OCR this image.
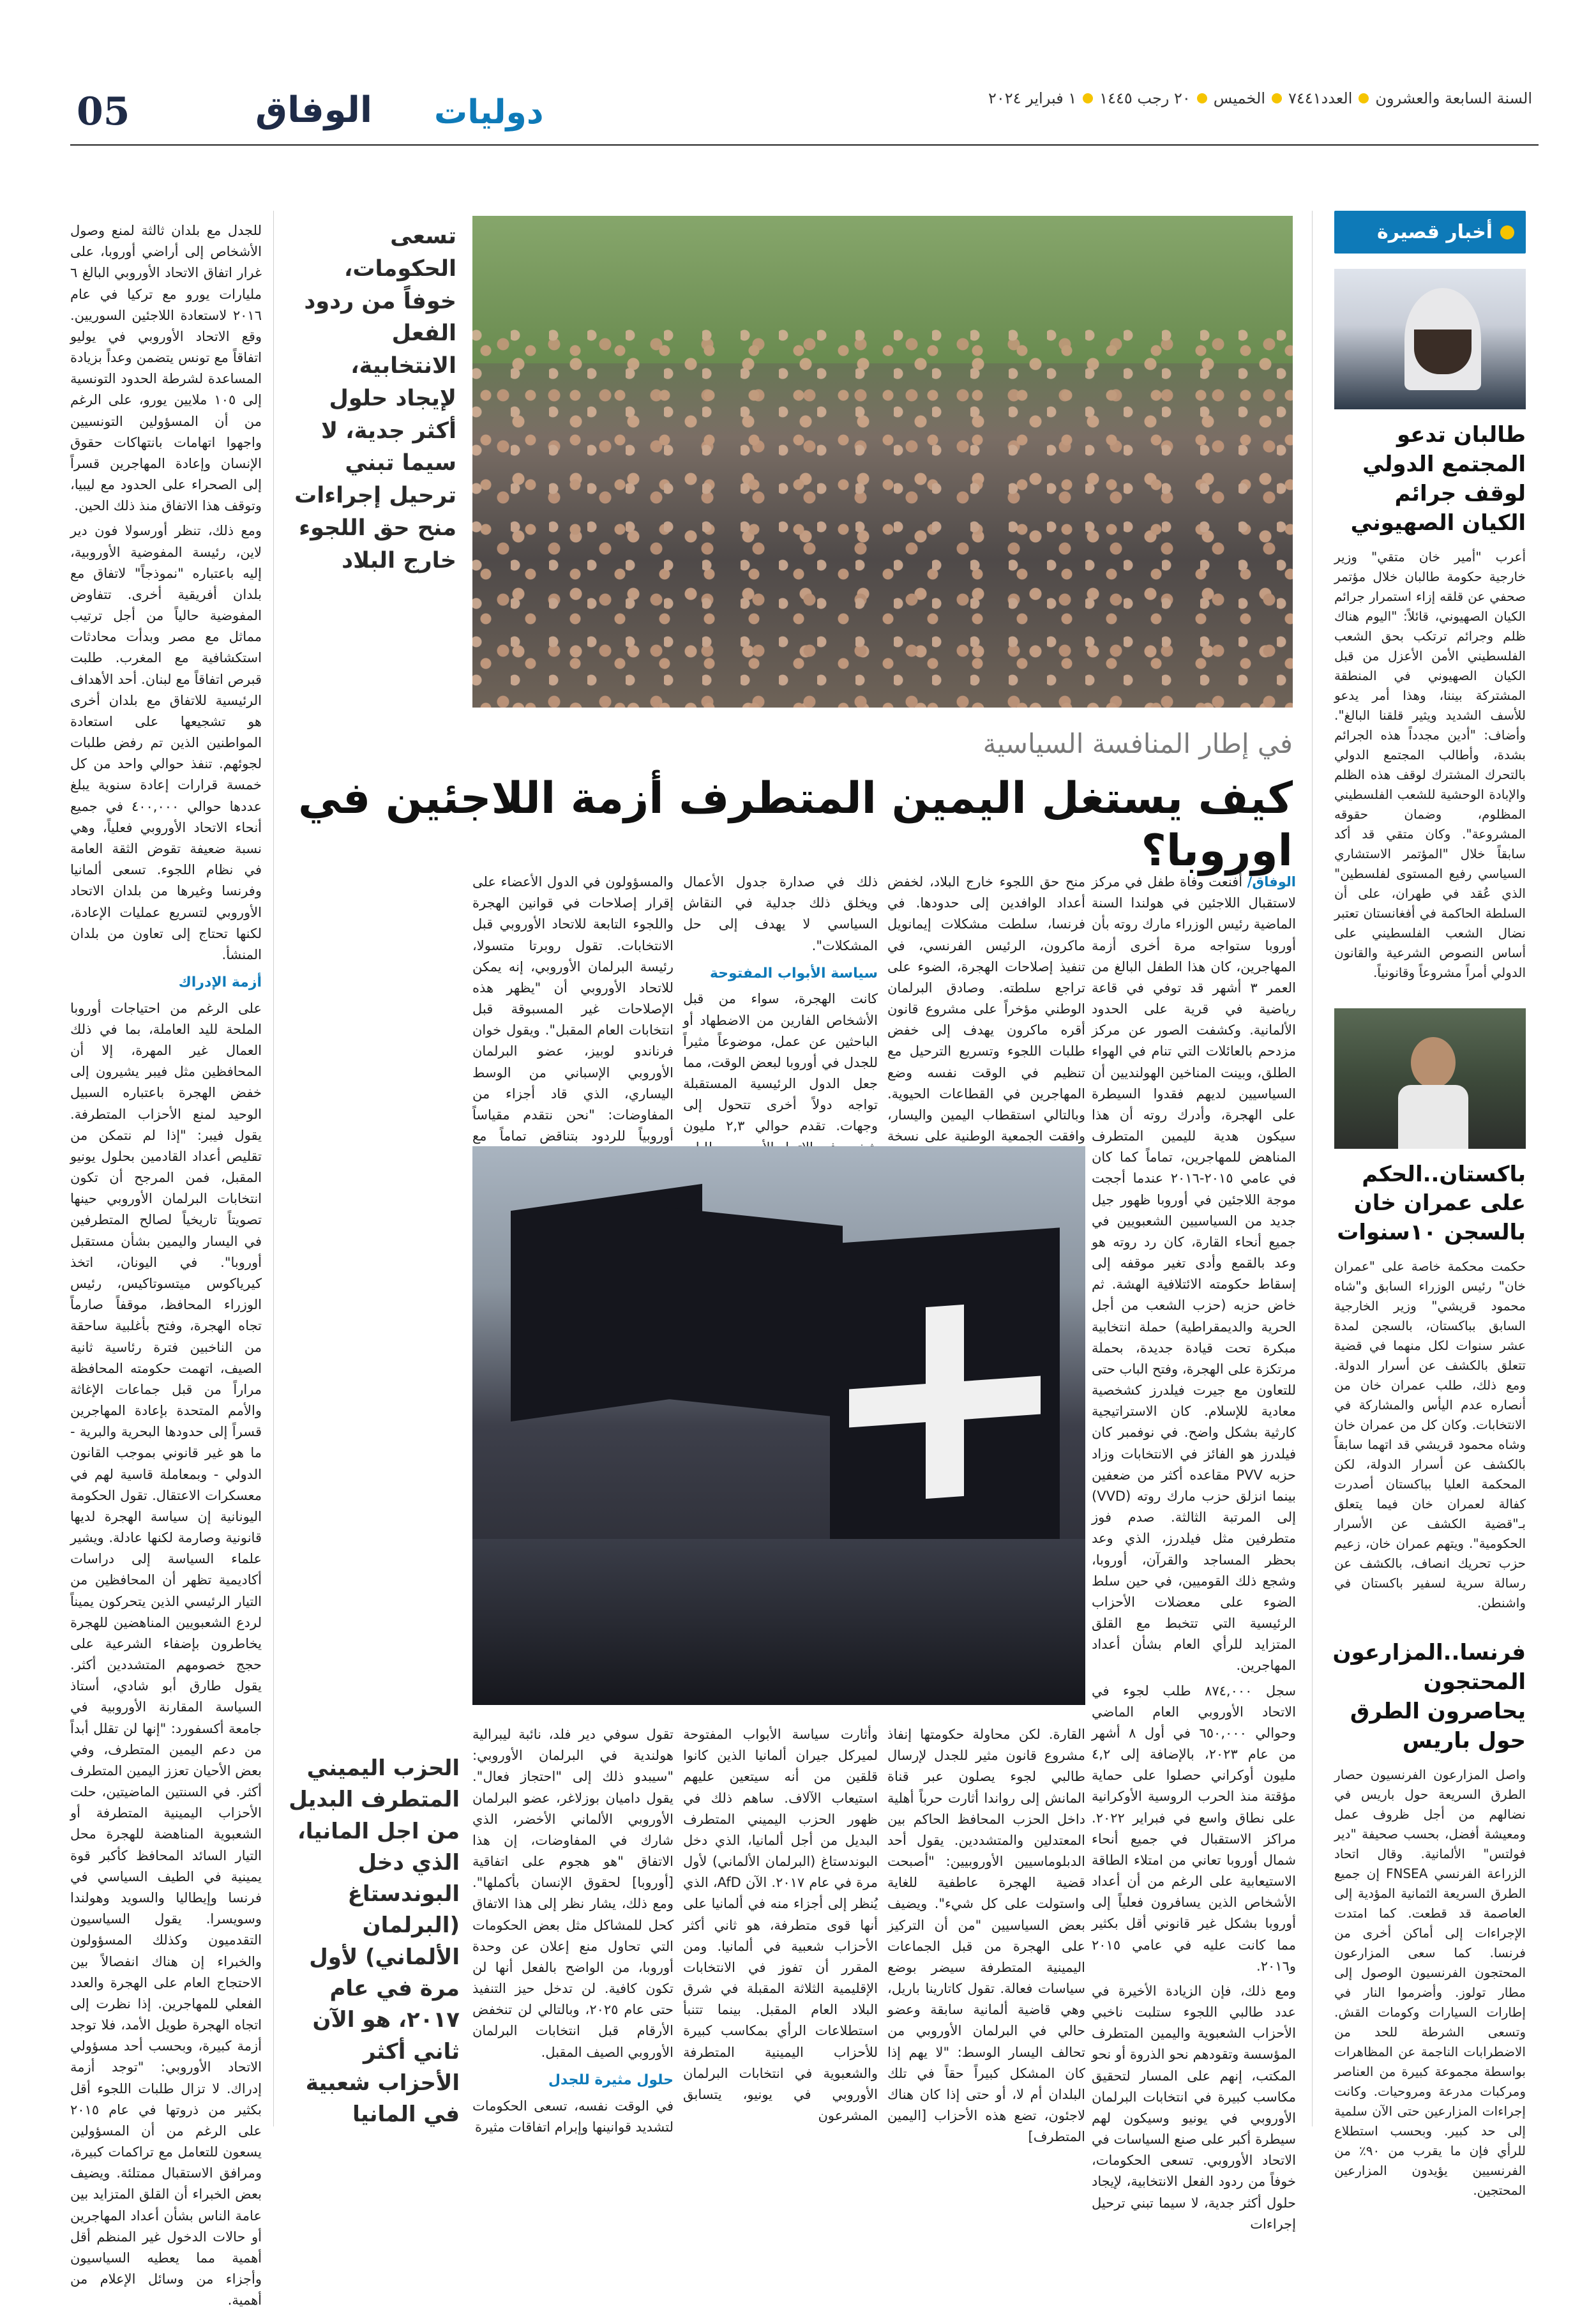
05	الوفاق دوليات	السنة السابعة والعشرون
العدد٧٤٤١
الخميس
٢٠ رجب ١٤٤٥
١ فبراير ٢٠٢٤
أخبار قصيرة
طالبان تدعو المجتمع الدولي لوقف جرائم الكيان الصهيوني

أعرب "أمير خان متقي" وزير خارجية حكومة طالبان خلال مؤتمر صحفي عن قلقه إزاء استمرار جرائم الكيان الصهيوني، قائلاً: "اليوم هناك ظلم وجرائم ترتكب بحق الشعب الفلسطيني الأمن الأعزل من قبل الكيان الصهيوني في المنطقة المشتركة بيننا، وهذا أمر يدعو للأسف الشديد ويثير قلقنا البالغ". وأضاف: "أدين مجدداً هذه الجرائم بشدة، وأطالب المجتمع الدولي بالتحرك المشترك لوقف هذه الظلم والإبادة الوحشية للشعب الفلسطيني المظلوم، وضمان حقوقه المشروعة". وكان متقي قد أكد سابقاً خلال "المؤتمر الاستشاري السياسي رفيع المستوى لفلسطين" الذي عُقد في طهران، على أن السلطة الحاكمة في أفغانستان تعتبر نضال الشعب الفلسطيني على أساس النصوص الشرعية والقانون الدولي أمراً مشروعاً وقانونياً.

باكستان..الحكم على عمران خان بالسجن ١٠سنوات

حكمت محكمة خاصة على "عمران خان" رئيس الوزراء السابق و"شاه محمود قريشي" وزير الخارجية السابق بباكستان، بالسجن لمدة عشر سنوات لكل منهما في قضية تتعلق بالكشف عن أسرار الدولة. ومع ذلك، طلب عمران خان من أنصاره عدم اليأس والمشاركة في الانتخابات. وكان كل من عمران خان وشاه محمود قريشي قد اتهما سابقاً بالكشف عن أسرار الدولة، لكن المحكمة العليا بباكستان أصدرت كفالة لعمران خان فيما يتعلق بـ"قضية الكشف عن الأسرار الحكومية". ويتهم عمران خان، زعيم حزب تحريك انصاف، بالكشف عن رسالة سرية لسفير باكستان في واشنطن.

فرنسا..المزارعون المحتجون يحاصرون الطرق حول باريس

واصل المزارعون الفرنسيون حصار الطرق السريعة حول باريس في نضالهم من أجل ظروف عمل ومعيشة أفضل، بحسب صحيفة "دير فولتس" الألمانية. وقال اتحاد الزراعة الفرنسي FNSEA إن جميع الطرق السريعة الثمانية المؤدية إلى العاصمة قد قطعت. كما امتدت الإجراءات إلى أماكن أخرى من فرنسا. كما سعى المزارعون المحتجون الفرنسيون الوصول إلى مطار تولوز. وأضرموا النار في إطارات السيارات وكومات القش. وتسعى الشرطة للحد من الاضطرابات الناجمة عن المظاهرات بواسطة مجموعة كبيرة من العناصر ومركبات مدرعة ومروحيات. وكانت إجراءات المزارعين حتى الآن سلمية إلى حد كبير. وبحسب استطلاع للرأي فإن ما يقرب من ٩٠٪ من الفرنسيين يؤيدون المزارعين المحتجين.

تسعى الحكومات، خوفاً من ردود الفعل الانتخابية، لإيجاد حلول أكثر جدية، لا سيما تبني ترحيل إجراءات منح حق اللجوء خارج البلاد
في إطار المنافسة السياسية
كيف يستغل اليمين المتطرف أزمة اللاجئين في اوروبا؟

الوفاق/ أفنعت وفاة طفل في مركز لاستقبال اللاجئين في هولندا السنة الماضية رئيس الوزراء مارك روته بأن أوروبا ستواجه مرة أخرى أزمة المهاجرين، كان هذا الطفل البالغ من العمر ٣ أشهر قد توفي في قاعة رياضية في قرية على الحدود الألمانية. وكشفت الصور عن مركز مزدحم بالعائلات التي تنام في الهواء الطلق، وبينت المناخين الهولنديين أن السياسيين لديهم فقدوا السيطرة على الهجرة، وأدرك روته أن هذا سيكون هدية لليمين المتطرف المناهض للمهاجرين، تماماً كما كان في عامي ٢٠١٥-٢٠١٦ عندما أججت موجة اللاجئين في أوروبا ظهور جيل جديد من السياسيين الشعبويين في جميع أنحاء القارة، كان رد روته هو وعد بالقمع وأدى تغير موقفه إلى إسقاط حكومته الائتلافية الهشة. ثم خاض حزبه (حزب الشعب من أجل الحرية والديمقراطية) حملة انتخابية مبكرة تحت قيادة جديدة، بحملة مرتكزة على الهجرة، وفتح الباب حتى للتعاون مع جيرت فيلدرز كشخصية معادية للإسلام. كان الاستراتيجية كارثية بشكل واضح. في نوفمبر كان فيلدرز هو الفائز في الانتخابات وزاد حزبه PVV مقاعده أكثر من ضعفين بينما انزلق حزب مارك روته (VVD) إلى المرتبة الثالثة. صدم فوز متطرفين مثل فيلدرز، الذي وعد بحظر المساجد والقرآن، أوروبا، وشجع ذلك القوميين، في حين سلط الضوء على معضلات الأحزاب الرئيسية التي تتخبط مع القلق المتزايد للرأي العام بشأن أعداد المهاجرين.

سجل ٨٧٤,٠٠٠ طلب لجوء في الاتحاد الأوروبي العام الماضي وحوالي ٦٥٠,٠٠٠ في أول ٨ أشهر من عام ٢٠٢٣، بالإضافة إلى ٤,٢ مليون أوكراني حصلوا على حماية مؤقتة منذ الحرب الروسية الأوكرانية على نطاق واسع في فبراير ٢٠٢٢. مراكز الاستقبال في جميع أنحاء شمال أوروبا تعاني من امتلاء الطاقة الاستيعابية على الرغم من أن أعداد الأشخاص الذين يسافرون فعلياً إلى أوروبا بشكل غير قانوني أقل بكثير مما كانت عليه في عامي ٢٠١٥ و٢٠١٦.

ومع ذلك، فإن الزيادة الأخيرة في عدد طالبي اللجوء ستلبت ناخبي الأحزاب الشعبوية واليمين المتطرف المؤسسة وتقودهم نحو الذروة أو نحو المكتب، إنهم على المسار لتحقيق مكاسب كبيرة في انتخابات البرلمان الأوروبي في يونيو وسيكون لهم سيطرة أكبر على صنع السياسات في الاتحاد الأوروبي. تسعى الحكومات، خوفاً من ردود الفعل الانتخابية، لإيجاد حلول أكثر جدية، لا سيما تبني ترحيل إجراءات

منح حق اللجوء خارج البلاد، لخفض أعداد الوافدين إلى حدودها. في فرنسا، سلطت مشكلات إيمانويل ماكرون، الرئيس الفرنسي، في تنفيذ إصلاحات الهجرة، الضوء على تراجع سلطته. وصادق البرلمان الوطني مؤخراً على مشروع قانون أقره ماكرون يهدف إلى خفض طلبات اللجوء وتسريع الترحيل مع تنظيم في الوقت نفسه وضع المهاجرين في القطاعات الحيوية. وبالتالي استقطاب اليمين واليسار، وافقت الجمعية الوطنية على نسخة

ذلك في صدارة جدول الأعمال ويخلق ذلك جدلية في النقاش السياسي لا يهدف إلى حل المشكلات".

سياسة الأبواب المفتوحة

كانت الهجرة، سواء من قبل الأشخاص الفارين من الاضطهاد أو الباحثين عن عمل، موضوعاً مثيراً للجدل في أوروبا لبعض الوقت، مما جعل الدول الرئيسية المستقبلة تواجه دولاً أخرى تتحول إلى وجهات. تقدم حوالي ٢,٣ مليون

والمسؤولون في الدول الأعضاء على إقرار إصلاحات في قوانين الهجرة واللجوء التابعة للاتحاد الأوروبي قبل الانتخابات. تقول روبرتا متسولا، رئيسة البرلمان الأوروبي، إنه يمكن للاتحاد الأوروبي أن "يظهر هذه الإصلاحات غير المسبوقة قبل انتخابات العام المقبل". ويقول خوان فرناندو لوبيز، عضو البرلمان الأوروبي الإسباني من الوسط اليساري، الذي قاد أجزاء من المفاوضات: "نحن نتقدم مقياساً أوروبياً للردود بتناقض تماماً مع

القارة. لكن محاولة حكومتها إنفاذ مشروع قانون مثير للجدل لإرسال طالبي لجوء يصلون عبر قناة المانش إلى رواندا أثارت حرباً أهلية داخل الحزب المحافظ الحاكم بين المعتدلين والمتشددين. يقول أحد الدبلوماسيين الأوروبيين: "أصبحت قضية الهجرة عاطفية للغاية واستولت على كل شيء". ويضيف بعض السياسيين "من أن التركيز على الهجرة من قبل الجماعات اليمينية المتطرفة سيضر بوضع سياسات فعالة. تقول كاتارينا باريل، وهي قاضية ألمانية سابقة وعضو حالي في البرلمان الأوروبي من تحالف اليسار الوسط: "لا يهم إذا كان المشكل كبيراً حقاً في تلك البلدان أم لا، أو حتى إذا كان هناك لاجئون، تضع هذه الأحزاب [اليمين المتطرف]

وأثارت سياسة الأبواب المفتوحة لميركل جيران ألمانيا الذين كانوا قلقين من أنه سيتعين عليهم استيعاب الآلاف. ساهم ذلك في ظهور الحزب اليميني المتطرف البديل من أجل ألمانيا، الذي دخل البوندستاغ (البرلمان الألماني) لأول مرة في عام ٢٠١٧. الآن AfD، الذي يُنظر إلى أجزاء منه في ألمانيا على أنها قوى متطرفة، هو ثاني أكثر الأحزاب شعبية في ألمانيا. ومن المقرر أن تفوز في الانتخابات الإقليمية الثلاثة المقبلة في شرق البلاد العام المقبل. بينما تتنبأ استطلاعات الرأي بمكاسب كبيرة للأحزاب اليمينية المتطرفة والشعبوية في انتخابات البرلمان الأوروبي في يونيو، يتسابق المشرعون

تقول سوفي دير فلد، نائبة ليبرالية هولندية في البرلمان الأوروبي: "سيبدو ذلك إلى "احتجاز فعال". يقول داميان بوزلاغر، عضو البرلمان الأوروبي الألماني الأخضر، الذي شارك في المفاوضات، إن هذا الاتفاق "هو هجوم على اتفاقية [أوروبا] لحقوق الإنسان بأكملها". ومع ذلك، يشار نظر إلى هذا الاتفاق كحل للمشاكل مثل بعض الحكومات التي تحاول منع إعلان عن وحدة أوروبا، من الواضح بالفعل أنها لن تكون كافية. لن تدخل حيز التنفيذ حتى عام ٢٠٢٥، وبالتالي لن تنخفض الأرقام قبل انتخابات البرلمان الأوروبي الصيف المقبل.

حلول مثيرة للجدل

في الوقت نفسه، تسعى الحكومات لتشديد قوانينها وإبرام اتفاقات مثيرة

الحزب اليميني المتطرف البديل من اجل المانيا، الذي دخل البوندستاغ (البرلمان الألماني) لأول مرة في عام ٢٠١٧، هو الآن ثاني أكثر الأحزاب شعبية في المانيا

للجدل مع بلدان ثالثة لمنع وصول الأشخاص إلى أراضي أوروبا، على غرار اتفاق الاتحاد الأوروبي البالغ ٦ مليارات يورو مع تركيا في عام ٢٠١٦ لاستعادة اللاجئين السوريين. وقع الاتحاد الأوروبي في يوليو اتفاقاً مع تونس يتضمن وعداً بزيادة المساعدة لشرطة الحدود التونسية إلى ١٠٥ ملايين يورو، على الرغم من أن المسؤولين التونسيين واجهوا اتهامات بانتهاكات حقوق الإنسان وإعادة المهاجرين قسراً إلى الصحراء على الحدود مع ليبيا، وتوقف هذا الاتفاق منذ ذلك الحين.

ومع ذلك، تنظر أورسولا فون دير لاين، رئيسة المفوضية الأوروبية، إليه باعتباره "نموذجاً" لاتفاق مع بلدان أفريقية أخرى. تتفاوض المفوضية حالياً من أجل ترتيب مماثل مع مصر وبدأت محادثات استكشافية مع المغرب. طلبت قبرص اتفاقاً مع لبنان. أحد الأهداف الرئيسية للاتفاق مع بلدان أخرى هو تشجيعها على استعادة المواطنين الذين تم رفض طلبات لجوئهم. تنفذ حوالي واحد من كل خمسة قرارات إعادة سنوية يبلغ عددها حوالي ٤٠٠,٠٠٠ في جميع أنحاء الاتحاد الأوروبي فعلياً، وهي نسبة ضعيفة تقوض الثقة العامة في نظام اللجوء. تسعى ألمانيا وفرنسا وغيرها من بلدان الاتحاد الأوروبي لتسريع عمليات الإعادة، لكنها تحتاج إلى تعاون من بلدان المنشأ.

أزمة الإدراك

على الرغم من احتياجات أوروبا الملحة لليد العاملة، بما في ذلك العمال غير المهرة، إلا أن المحافظين مثل فيبر يشيرون إلى خفض الهجرة باعتباره السبيل الوحيد لمنع الأحزاب المتطرفة. يقول فيبر: "إذا لم نتمكن من تقليص أعداد القادمين بحلول يونيو المقبل، فمن المرجح أن تكون انتخابات البرلمان الأوروبي حينها تصويتاً تاريخياً لصالح المتطرفين في اليسار واليمين بشأن مستقبل أوروبا". في اليونان، اتخذ كيرياكوس ميتسوتاكيس، رئيس الوزراء المحافظ، موقفاً صارماً تجاه الهجرة، وفتح بأغلبية ساحقة من الناخبين فترة رئاسية ثانية الصيف، اتهمت حكومته المحافظة مراراً من قبل جماعات الإغاثة والأمم المتحدة بإعادة المهاجرين قسراً إلى حدودها البحرية والبرية - ما هو غير قانوني بموجب القانون الدولي - وبمعاملة قاسية لهم في معسكرات الاعتقال. تقول الحكومة اليونانية إن سياسة الهجرة لديها قانونية وصارمة لكنها عادلة. ويشير علماء السياسة إلى دراسات أكاديمية تظهر أن المحافظين من التيار الرئيسي الذين يتحركون يميناً لردع الشعبويين المناهضين للهجرة يخاطرون بإضفاء الشرعية على حجج خصومهم المتشددين أكثر. يقول طارق أبو شادي، أستاذ السياسة المقارنة الأوروبية في جامعة أكسفورد: "إنها لن تقلل أبداً من دعم اليمين المتطرف، وفي بعض الأحيان تعزز اليمين المتطرف أكثر. في السنتين الماضيتين، حلت الأحزاب اليمينية المتطرفة أو الشعبوية المناهضة للهجرة محل التيار السائد المحافظ كأكبر قوة يمينية في الطيف السياسي في فرنسا وإيطاليا والسويد وهولندا وسويسرا. يقول السياسيون التقدميون وكذلك المسؤولون والخبراء إن هناك انفصالاً بين الاحتجاج العام على الهجرة والعدد الفعلي للمهاجرين. إذا نظرت إلى اتجاه الهجرة طويل الأمد، فلا توجد أزمة كبيرة، وبحسب أحد مسؤولي الاتحاد الأوروبي: "توجد أزمة إدراك. لا تزال طلبات اللجوء أقل بكثير من ذروتها في عام ٢٠١٥ على الرغم من أن المسؤولين يسعون للتعامل مع تراكمات كبيرة، ومرافق الاستقبال ممتلئة. ويضيف بعض الخبراء أن القلق المتزايد بين عامة الناس بشأن أعداد المهاجرين أو حالات الدخول غير المنظم أقل أهمية مما يعطيه السياسيون وأجزاء من وسائل الإعلام من أهمية.
